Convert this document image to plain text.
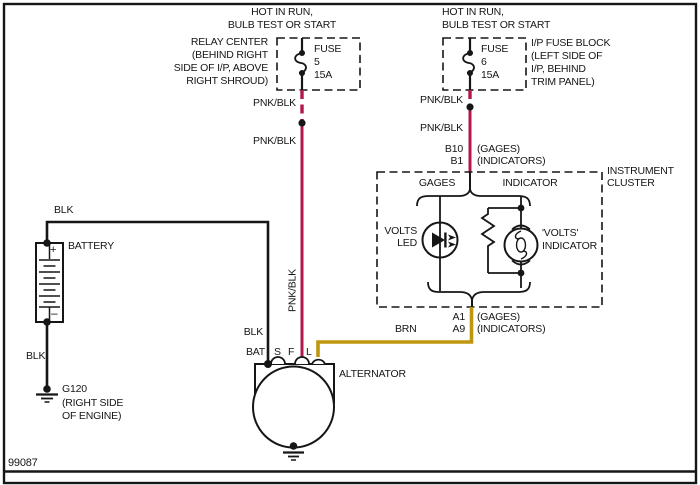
HOT IN RUN,
BULB TEST OR START
HOT IN RUN,
BULB TEST OR START
FUSE
5
15A
RELAY CENTER
(BEHIND RIGHT
SIDE OF I/P, ABOVE
RIGHT SHROUD)
FUSE
6
15A
I/P FUSE BLOCK
(LEFT SIDE OF
I/P, BEHIND
TRIM PANEL)
PNK/BLK
PNK/BLK
PNK/BLK
PNK/BLK
PNK/BLK
B10
B1
(GAGES)
(INDICATORS)
INSTRUMENT
CLUSTER
GAGES	INDICATOR
VOLTS
LED
'VOLTS'
INDICATOR
A1
A9
(GAGES)
(INDICATORS)
BRN
BLK
BATTERY
+
–
BLK
G120
(RIGHT SIDE
OF ENGINE)
BLK
BAT S F L
ALTERNATOR
99087
